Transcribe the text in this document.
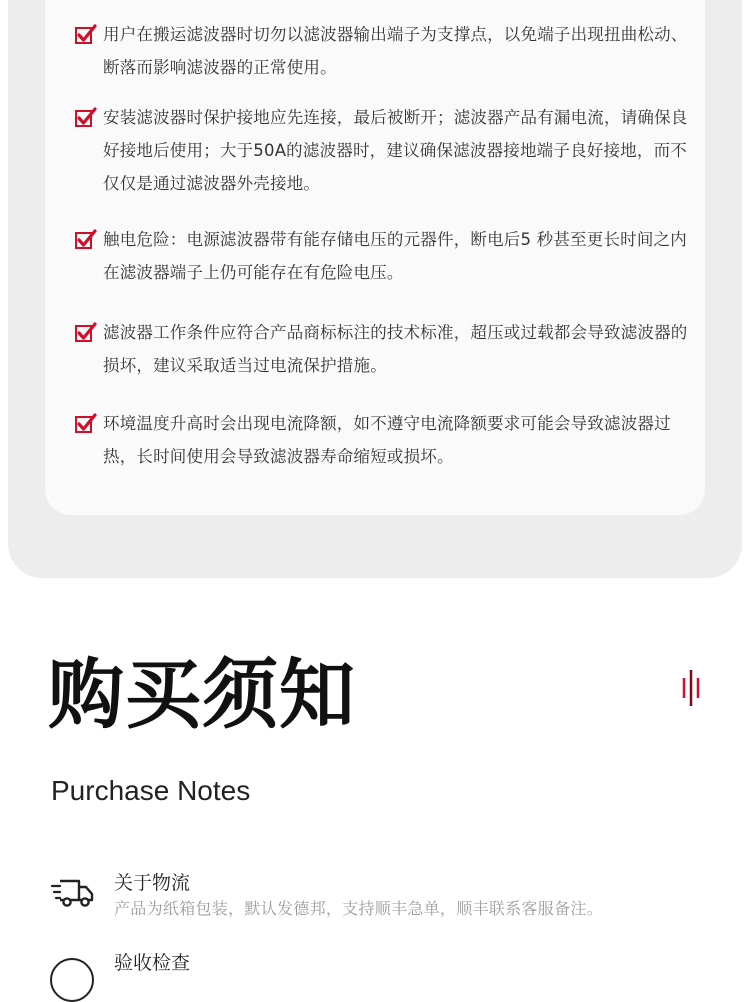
用户在搬运滤波器时切勿以滤波器输出端子为支撑点，以免端子出现扭曲松动、断落而影响滤波器的正常使用。
安装滤波器时保护接地应先连接，最后被断开；滤波器产品有漏电流，请确保良好接地后使用；大于50A的滤波器时，建议确保滤波器接地端子良好接地，而不仅仅是通过滤波器外壳接地。
触电危险：电源滤波器带有能存储电压的元器件，断电后5 秒甚至更长时间之内在滤波器端子上仍可能存在有危险电压。
滤波器工作条件应符合产品商标标注的技术标准，超压或过载都会导致滤波器的损坏，建议采取适当过电流保护措施。
环境温度升高时会出现电流降额，如不遵守电流降额要求可能会导致滤波器过热，长时间使用会导致滤波器寿命缩短或损坏。
购买须知
Purchase Notes
关于物流
产品为纸箱包装，默认发德邦，支持顺丰急单，顺丰联系客服备注。
验收检查
